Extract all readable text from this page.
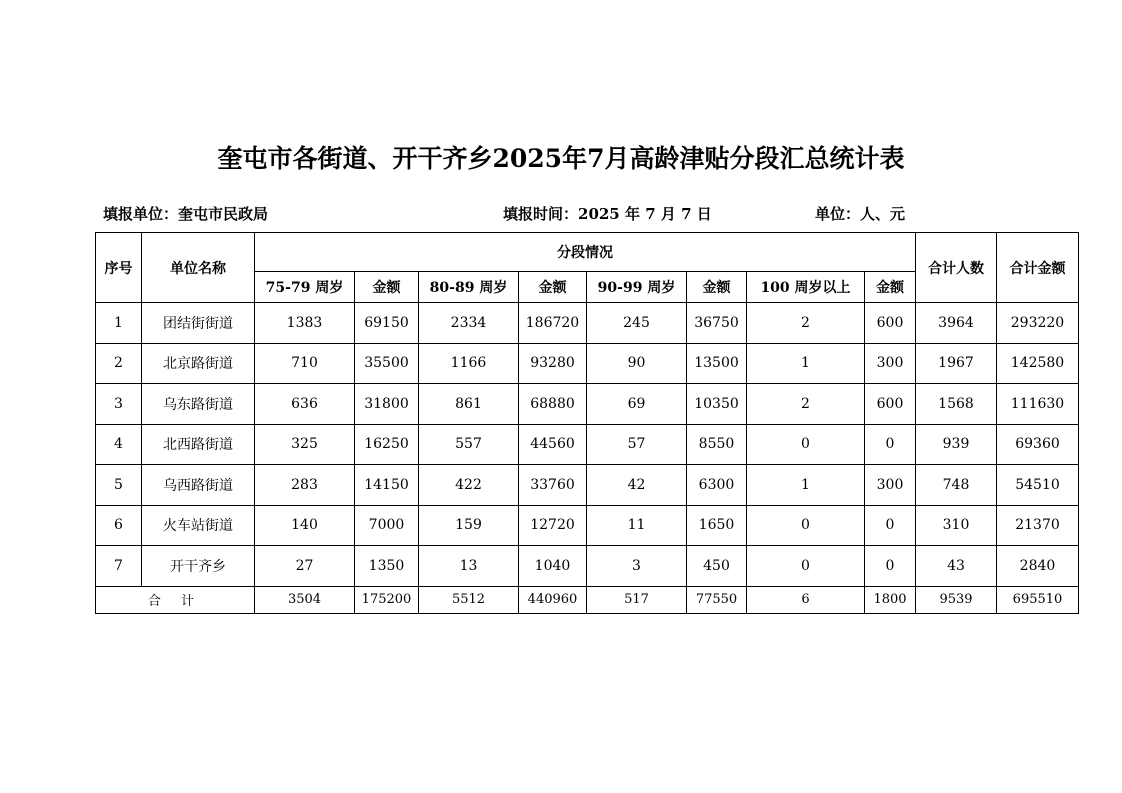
奎屯市各街道、开干齐乡2025年7月高龄津贴分段汇总统计表
填报单位：奎屯市民政局	填报时间：2025 年 7 月 7 日	单位：人、元
序号	单位名称	分段情况								合计人数	合计金额
		75-79 周岁	金额	80-89 周岁	金额	90-99 周岁	金额	100 周岁以上	金额		
1	团结街街道	1383	69150	2334	186720	245	36750	2	600	3964	293220
2	北京路街道	710	35500	1166	93280	90	13500	1	300	1967	142580
3	乌东路街道	636	31800	861	68880	69	10350	2	600	1568	111630
4	北西路街道	325	16250	557	44560	57	8550	0	0	939	69360
5	乌西路街道	283	14150	422	33760	42	6300	1	300	748	54510
6	火车站街道	140	7000	159	12720	11	1650	0	0	310	21370
7	开干齐乡	27	1350	13	1040	3	450	0	0	43	2840
合 计		3504	175200	5512	440960	517	77550	6	1800	9539	695510
